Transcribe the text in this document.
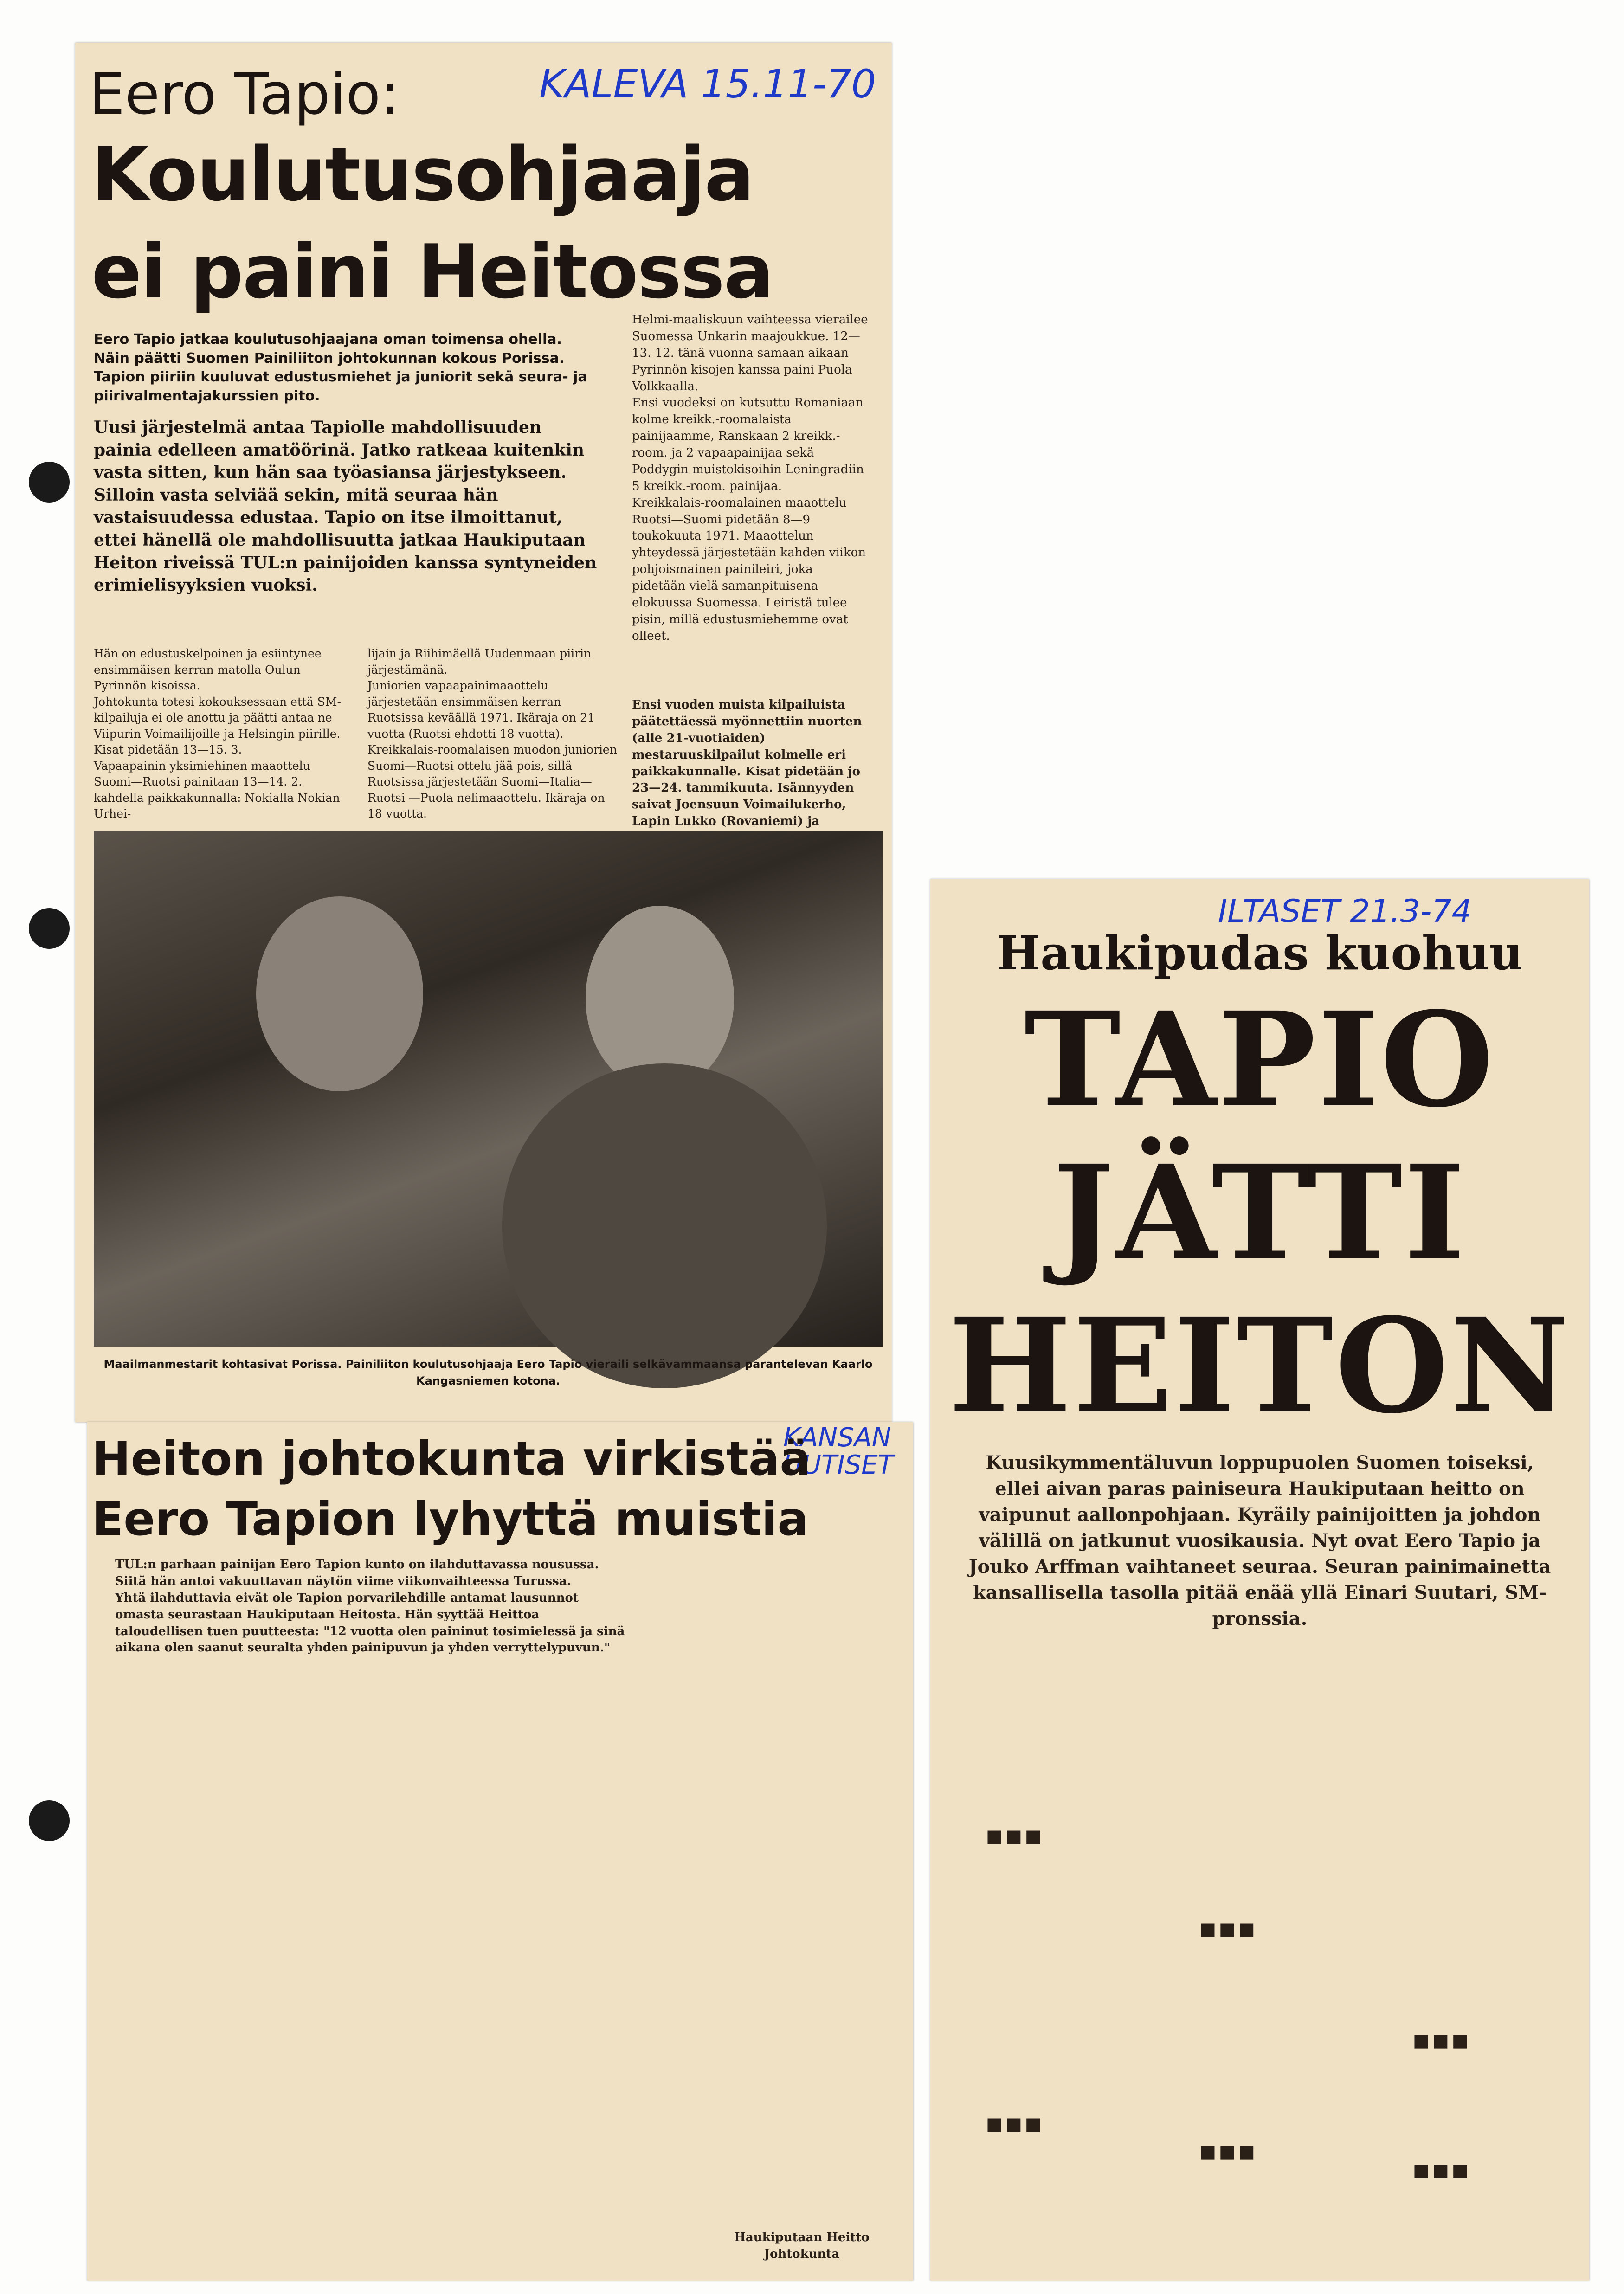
KALEVA 15.11-70
Eero Tapio:
Koulutusohjaaja
ei paini Heitossa
Eero Tapio jatkaa koulutusohjaajana oman toimensa ohella. Näin päätti Suomen Painiliiton johtokunnan kokous Porissa. Tapion piiriin kuuluvat edustusmiehet ja juniorit sekä seura- ja piirivalmentajakurssien pito.
Uusi järjestelmä antaa Tapiolle mahdollisuuden painia edelleen amatöörinä. Jatko ratkeaa kuitenkin vasta sitten, kun hän saa työasiansa järjestykseen. Silloin vasta selviää sekin, mitä seuraa hän vastaisuudessa edustaa. Tapio on itse ilmoittanut, ettei hänellä ole mahdollisuutta jatkaa Haukiputaan Heiton riveissä TUL:n painijoiden kanssa syntyneiden erimielisyyksien vuoksi.
Helmi-maaliskuun vaihteessa vierailee Suomessa Unkarin maajoukkue. 12—13. 12. tänä vuonna samaan aikaan Pyrinnön kisojen kanssa paini Puola Volkkaalla.
Ensi vuodeksi on kutsuttu Romaniaan kolme kreikk.-roomalaista painijaamme, Ranskaan 2 kreikk.-room. ja 2 vapaapainijaa sekä Poddygin muistokisoihin Leningradiin 5 kreikk.-room. painijaa.
Kreikkalais-roomalainen maaottelu Ruotsi—Suomi pidetään 8—9 toukokuuta 1971. Maaottelun yhteydessä järjestetään kahden viikon pohjoismainen painileiri, joka pidetään vielä samanpituisena elokuussa Suomessa. Leiristä tulee pisin, millä edustusmiehemme ovat olleet.
Ensi vuoden muista kilpailuista päätettäessä myönnettiin nuorten (alle 21-vuotiaiden) mestaruuskilpailut kolmelle eri paikkakunnalle. Kisat pidetään jo 23—24. tammikuuta. Isännyyden saivat Joensuun Voimailukerho, Lapin Lukko (Rovaniemi) ja
Hän on edustuskelpoinen ja esiintynee ensimmäisen kerran matolla Oulun Pyrinnön kisoissa.
Johtokunta totesi kokouksessaan että SM-kilpailuja ei ole anottu ja päätti antaa ne Viipurin Voimailijoille ja Helsingin piirille. Kisat pidetään 13—15. 3.
Vapaapainin yksimiehinen maaottelu Suomi—Ruotsi painitaan 13—14. 2. kahdella paikkakunnalla: Nokialla Nokian Urhei-
lijain ja Riihimäellä Uudenmaan piirin järjestämänä.
Juniorien vapaapainimaaottelu järjestetään ensimmäisen kerran Ruotsissa keväällä 1971. Ikäraja on 21 vuotta (Ruotsi ehdotti 18 vuotta).
Kreikkalais-roomalaisen muodon juniorien Suomi—Ruotsi ottelu jää pois, sillä Ruotsissa järjestetään Suomi—Italia—Ruotsi —Puola nelimaaottelu. Ikäraja on 18 vuotta.
Maailmanmestarit kohtasivat Porissa. Painiliiton koulutusohjaaja Eero Tapio vieraili selkävammaansa parantelevan Kaarlo Kangasniemen kotona.
KANSAN UUTISET
Heiton johtokunta virkistää
Eero Tapion lyhyttä muistia
TUL:n parhaan painijan Eero Tapion kunto on ilahduttavassa nousussa. Siitä hän antoi vakuuttavan näytön viime viikonvaihteessa Turussa.
Yhtä ilahduttavia eivät ole Tapion porvarilehdille antamat lausunnot omasta seurastaan Haukiputaan Heitosta. Hän syyttää Heittoa taloudellisen tuen puutteesta: "12 vuotta olen paininut tosimielessä ja sinä aikana olen saanut seuralta yhden painipuvun ja yhden verryttelypuvun."
Haukiputaan Heitto Johtokunta
ILTASET 21.3-74
Haukipudas kuohuu
TAPIO
JÄTTI
HEITON
Kuusikymmentäluvun loppupuolen Suomen toiseksi, ellei aivan paras painiseura Haukiputaan heitto on vaipunut aallonpohjaan. Kyräily painijoitten ja johdon välillä on jatkunut vuosikausia. Nyt ovat Eero Tapio ja Jouko Arffman vaihtaneet seuraa. Seuran painimainetta kansallisella tasolla pitää enää yllä Einari Suutari, SM-pronssia.
■■■
■■■
■■■
■■■
■■■
■■■
